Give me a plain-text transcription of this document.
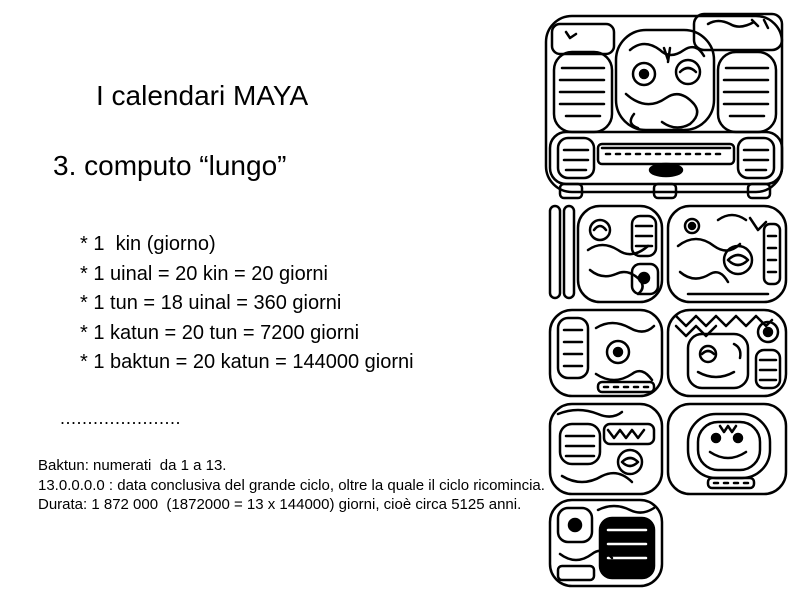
I calendari MAYA
3. computo “lungo”
* 1  kin (giorno)
* 1 uinal = 20 kin = 20 giorni
* 1 tun = 18 uinal = 360 giorni
* 1 katun = 20 tun = 7200 giorni
* 1 baktun = 20 katun = 144000 giorni
......................
Baktun: numerati  da 1 a 13.
13.0.0.0.0 : data conclusiva del grande ciclo, oltre la quale il ciclo ricomincia.
Durata: 1 872 000  (1872000 = 13 x 144000) giorni, cioè circa 5125 anni.
